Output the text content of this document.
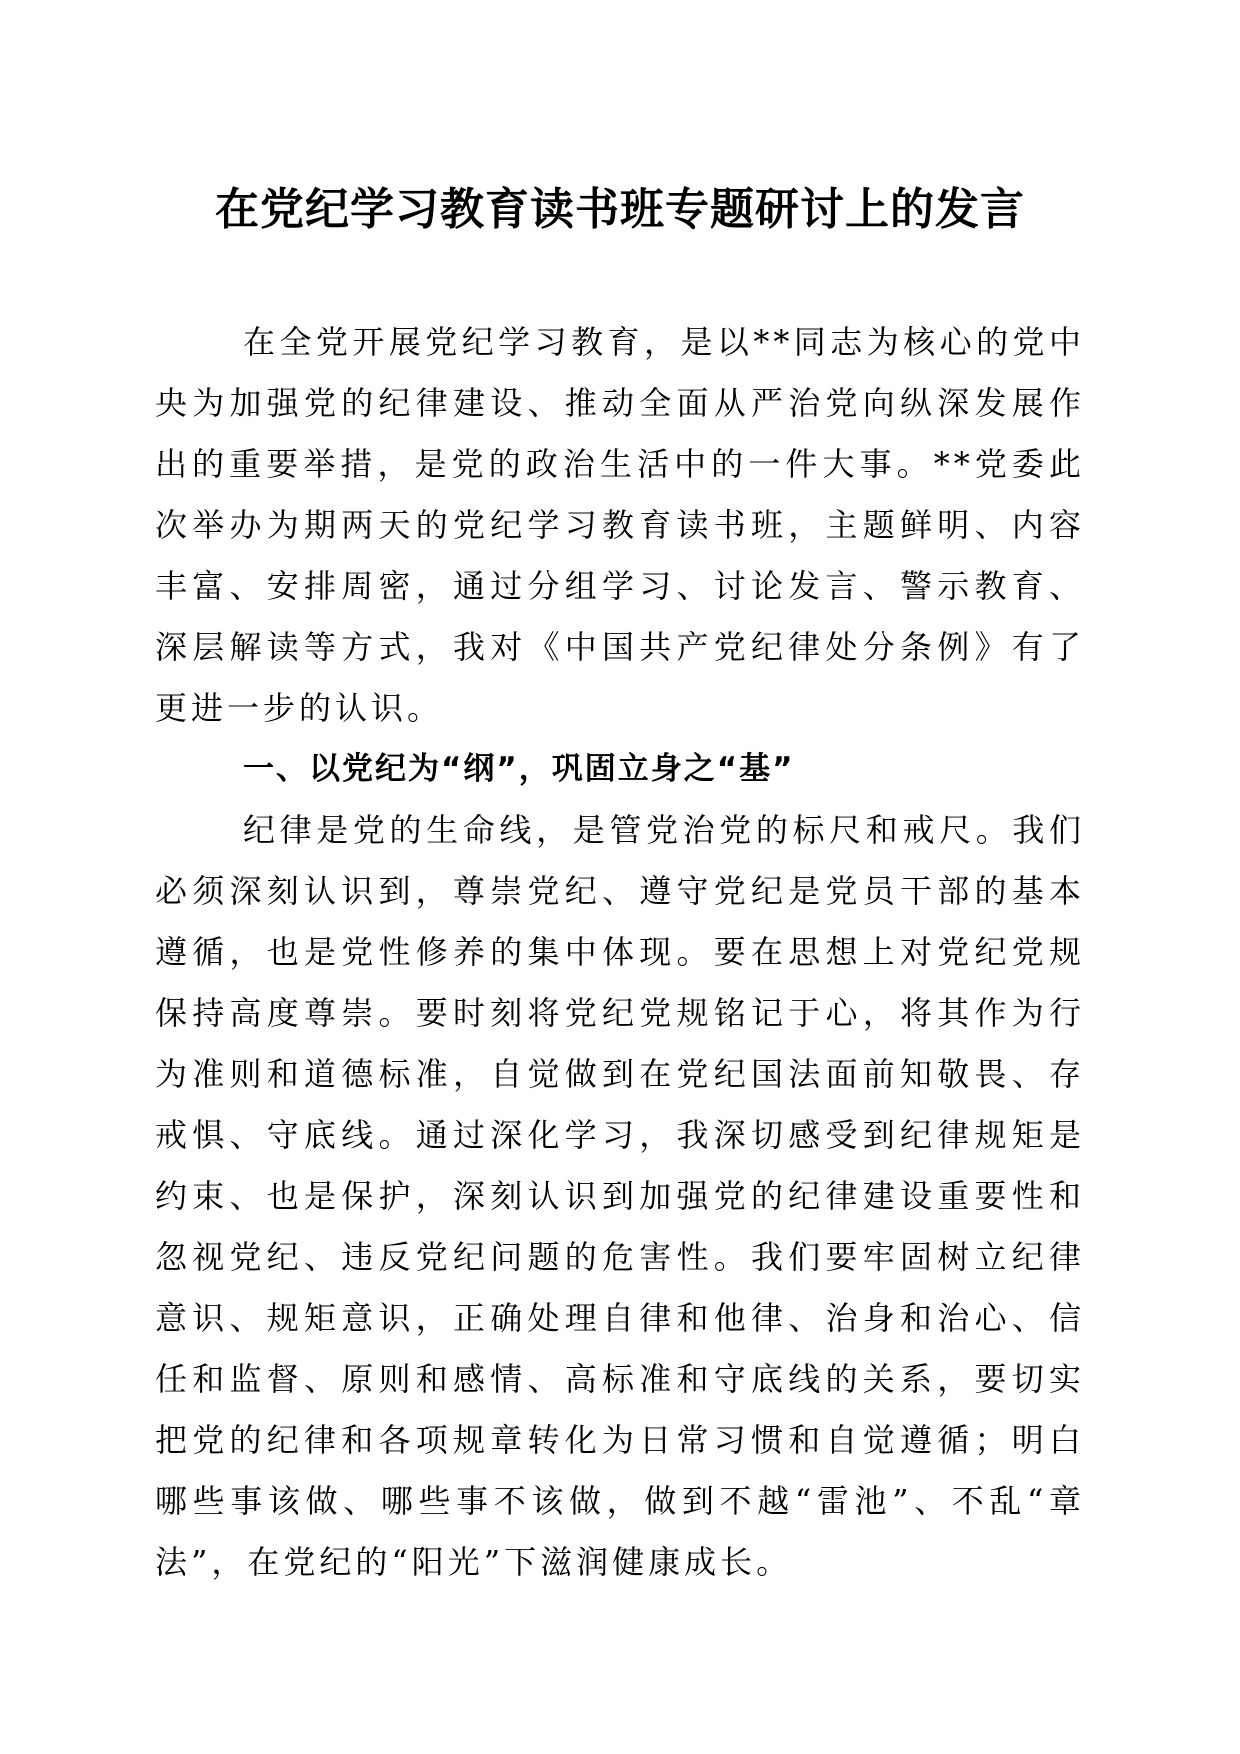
在党纪学习教育读书班专题研讨上的发言

在全党开展党纪学习教育，是以**同志为核心的党中央为加强党的纪律建设、推动全面从严治党向纵深发展作出的重要举措，是党的政治生活中的一件大事。**党委此次举办为期两天的党纪学习教育读书班，主题鲜明、内容丰富、安排周密，通过分组学习、讨论发言、警示教育、深层解读等方式，我对《中国共产党纪律处分条例》有了更进一步的认识。

一、以党纪为“纲”，巩固立身之“基”

纪律是党的生命线，是管党治党的标尺和戒尺。我们必须深刻认识到，尊崇党纪、遵守党纪是党员干部的基本遵循，也是党性修养的集中体现。要在思想上对党纪党规保持高度尊崇。要时刻将党纪党规铭记于心，将其作为行为准则和道德标准，自觉做到在党纪国法面前知敬畏、存戒惧、守底线。通过深化学习，我深切感受到纪律规矩是约束、也是保护，深刻认识到加强党的纪律建设重要性和忽视党纪、违反党纪问题的危害性。我们要牢固树立纪律意识、规矩意识，正确处理自律和他律、治身和治心、信任和监督、原则和感情、高标准和守底线的关系，要切实把党的纪律和各项规章转化为日常习惯和自觉遵循；明白哪些事该做、哪些事不该做，做到不越“雷池”、不乱“章法”，在党纪的“阳光”下滋润健康成长。
